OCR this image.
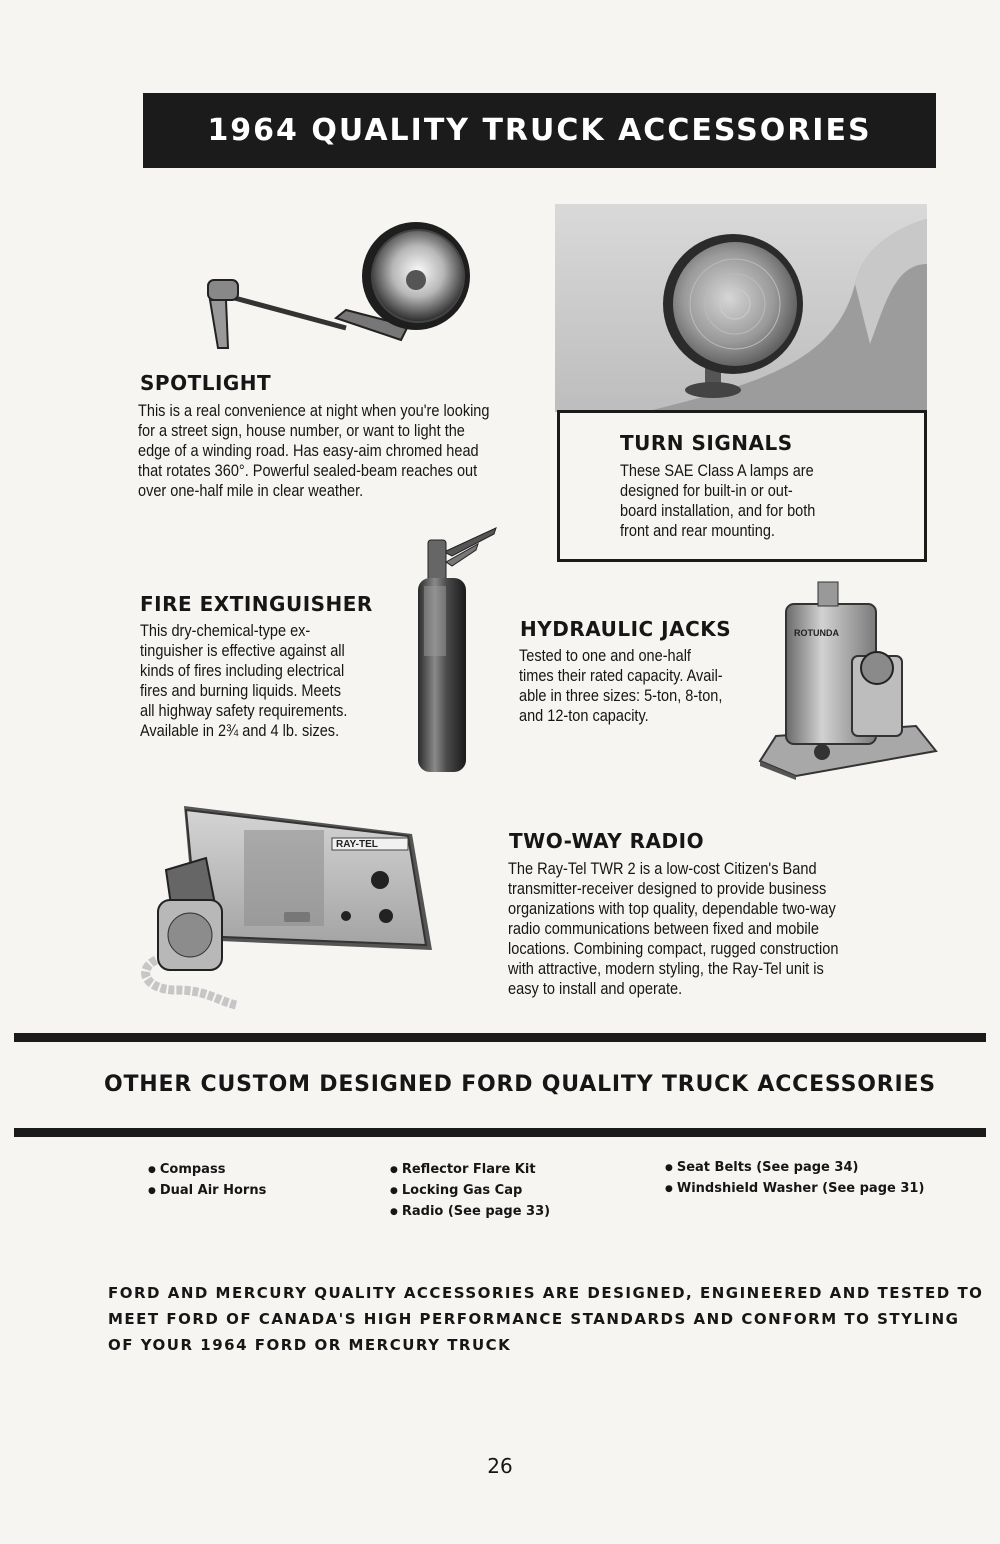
1964 QUALITY TRUCK ACCESSORIES
SPOTLIGHT

This is a real convenience at night when you're looking

for a street sign, house number, or want to light the

edge of a winding road. Has easy-aim chromed head

that rotates 360°. Powerful sealed-beam reaches out

over one-half mile in clear weather.

TURN SIGNALS

These SAE Class A lamps are

designed for built-in or out-

board installation, and for both

front and rear mounting.

FIRE EXTINGUISHER

This dry-chemical-type ex-

tinguisher is effective against all

kinds of fires including electrical

fires and burning liquids. Meets

all highway safety requirements.

Available in 2¾ and 4 lb. sizes.

HYDRAULIC JACKS

Tested to one and one-half

times their rated capacity. Avail-

able in three sizes: 5-ton, 8-ton,

and 12-ton capacity.

ROTUNDA
RAY-TEL	TWO-WAY RADIO

The Ray-Tel TWR 2 is a low-cost Citizen's Band

transmitter-receiver designed to provide business

organizations with top quality, dependable two-way

radio communications between fixed and mobile

locations. Combining compact, rugged construction

with attractive, modern styling, the Ray-Tel unit is

easy to install and operate.

OTHER CUSTOM DESIGNED FORD QUALITY TRUCK ACCESSORIES
● Compass
● Dual Air Horns
● Reflector Flare Kit
● Locking Gas Cap
● Radio (See page 33)
● Seat Belts (See page 34)
● Windshield Washer (See page 31)
FORD AND MERCURY QUALITY ACCESSORIES ARE DESIGNED, ENGINEERED AND TESTED TO
MEET FORD OF CANADA'S HIGH PERFORMANCE STANDARDS AND CONFORM TO STYLING
OF YOUR 1964 FORD OR MERCURY TRUCK
26
